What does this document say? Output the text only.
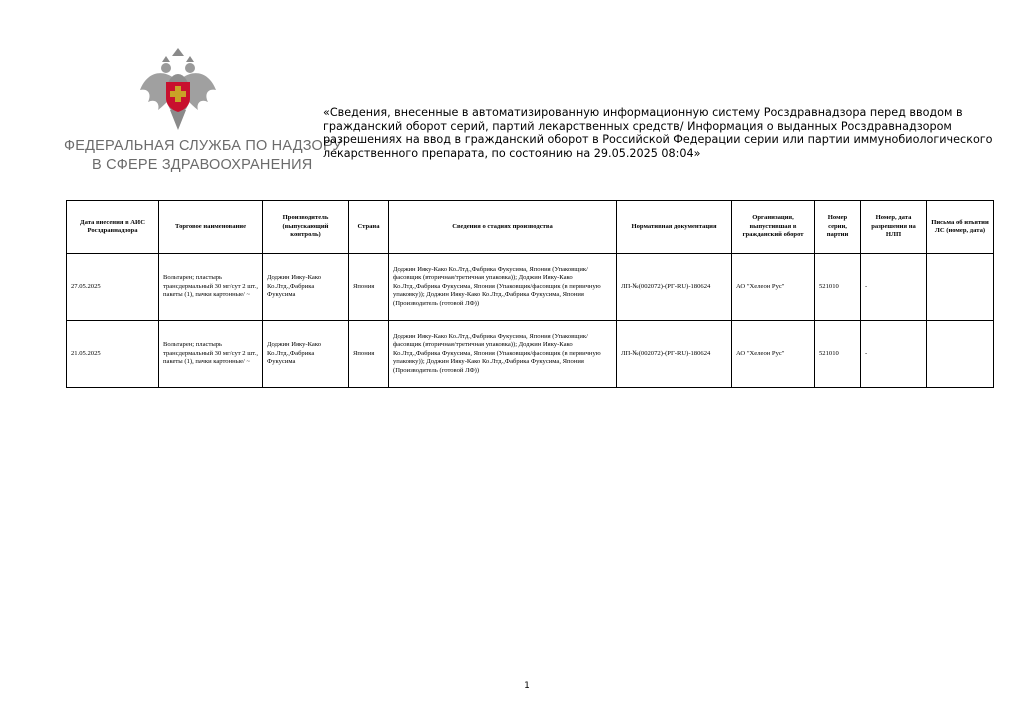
ФЕДЕРАЛЬНАЯ СЛУЖБА ПО НАДЗОРУ
В СФЕРЕ ЗДРАВООХРАНЕНИЯ
«Сведения, внесенные в автоматизированную информационную систему Росздравнадзора перед вводом в гражданский оборот серий, партий лекарственных средств/ Информация о выданных Росздравнадзором разрешениях на ввод в гражданский оборот в Российской Федерации серии или партии иммунобиологического лекарственного препарата, по состоянию на 29.05.2025 08:04»
Дата внесения в АИС Росздравнадзора	Торговое наименование	Производитель (выпускающий контроль)	Страна	Сведения о стадиях производства	Нормативная документация	Организация, выпустившая в гражданский оборот	Номер серии, партии	Номер, дата разрешения на НЛП	Письма об изъятии ЛС (номер, дата)
27.05.2025	Вольтарен; пластырь трансдермальный 30 мг/сут 2 шт., пакеты (1), пачки картонные/ ~	Доджин Ияку-Како Ко.Лтд.,Фабрика Фукусима	Япония	Доджин Ияку-Како Ко.Лтд.,Фабрика Фукусима, Япония (Упаковщик/фасовщик (вторичная/третичная упаковка)); Доджин Ияку-Како Ко.Лтд.,Фабрика Фукусима, Япония (Упаковщик/фасовщик (в первичную упаковку)); Доджин Ияку-Како Ко.Лтд.,Фабрика Фукусима, Япония (Производитель (готовой ЛФ))	ЛП-№(002072)-(РГ-RU)-180624	АО "Хелеон Рус"	521010	-	
21.05.2025	Вольтарен; пластырь трансдермальный 30 мг/сут 2 шт., пакеты (1), пачки картонные/ ~	Доджин Ияку-Како Ко.Лтд.,Фабрика Фукусима	Япония	Доджин Ияку-Како Ко.Лтд.,Фабрика Фукусима, Япония (Упаковщик/фасовщик (вторичная/третичная упаковка)); Доджин Ияку-Како Ко.Лтд.,Фабрика Фукусима, Япония (Упаковщик/фасовщик (в первичную упаковку)); Доджин Ияку-Како Ко.Лтд.,Фабрика Фукусима, Япония (Производитель (готовой ЛФ))	ЛП-№(002072)-(РГ-RU)-180624	АО "Хелеон Рус"	521010	-	
1
